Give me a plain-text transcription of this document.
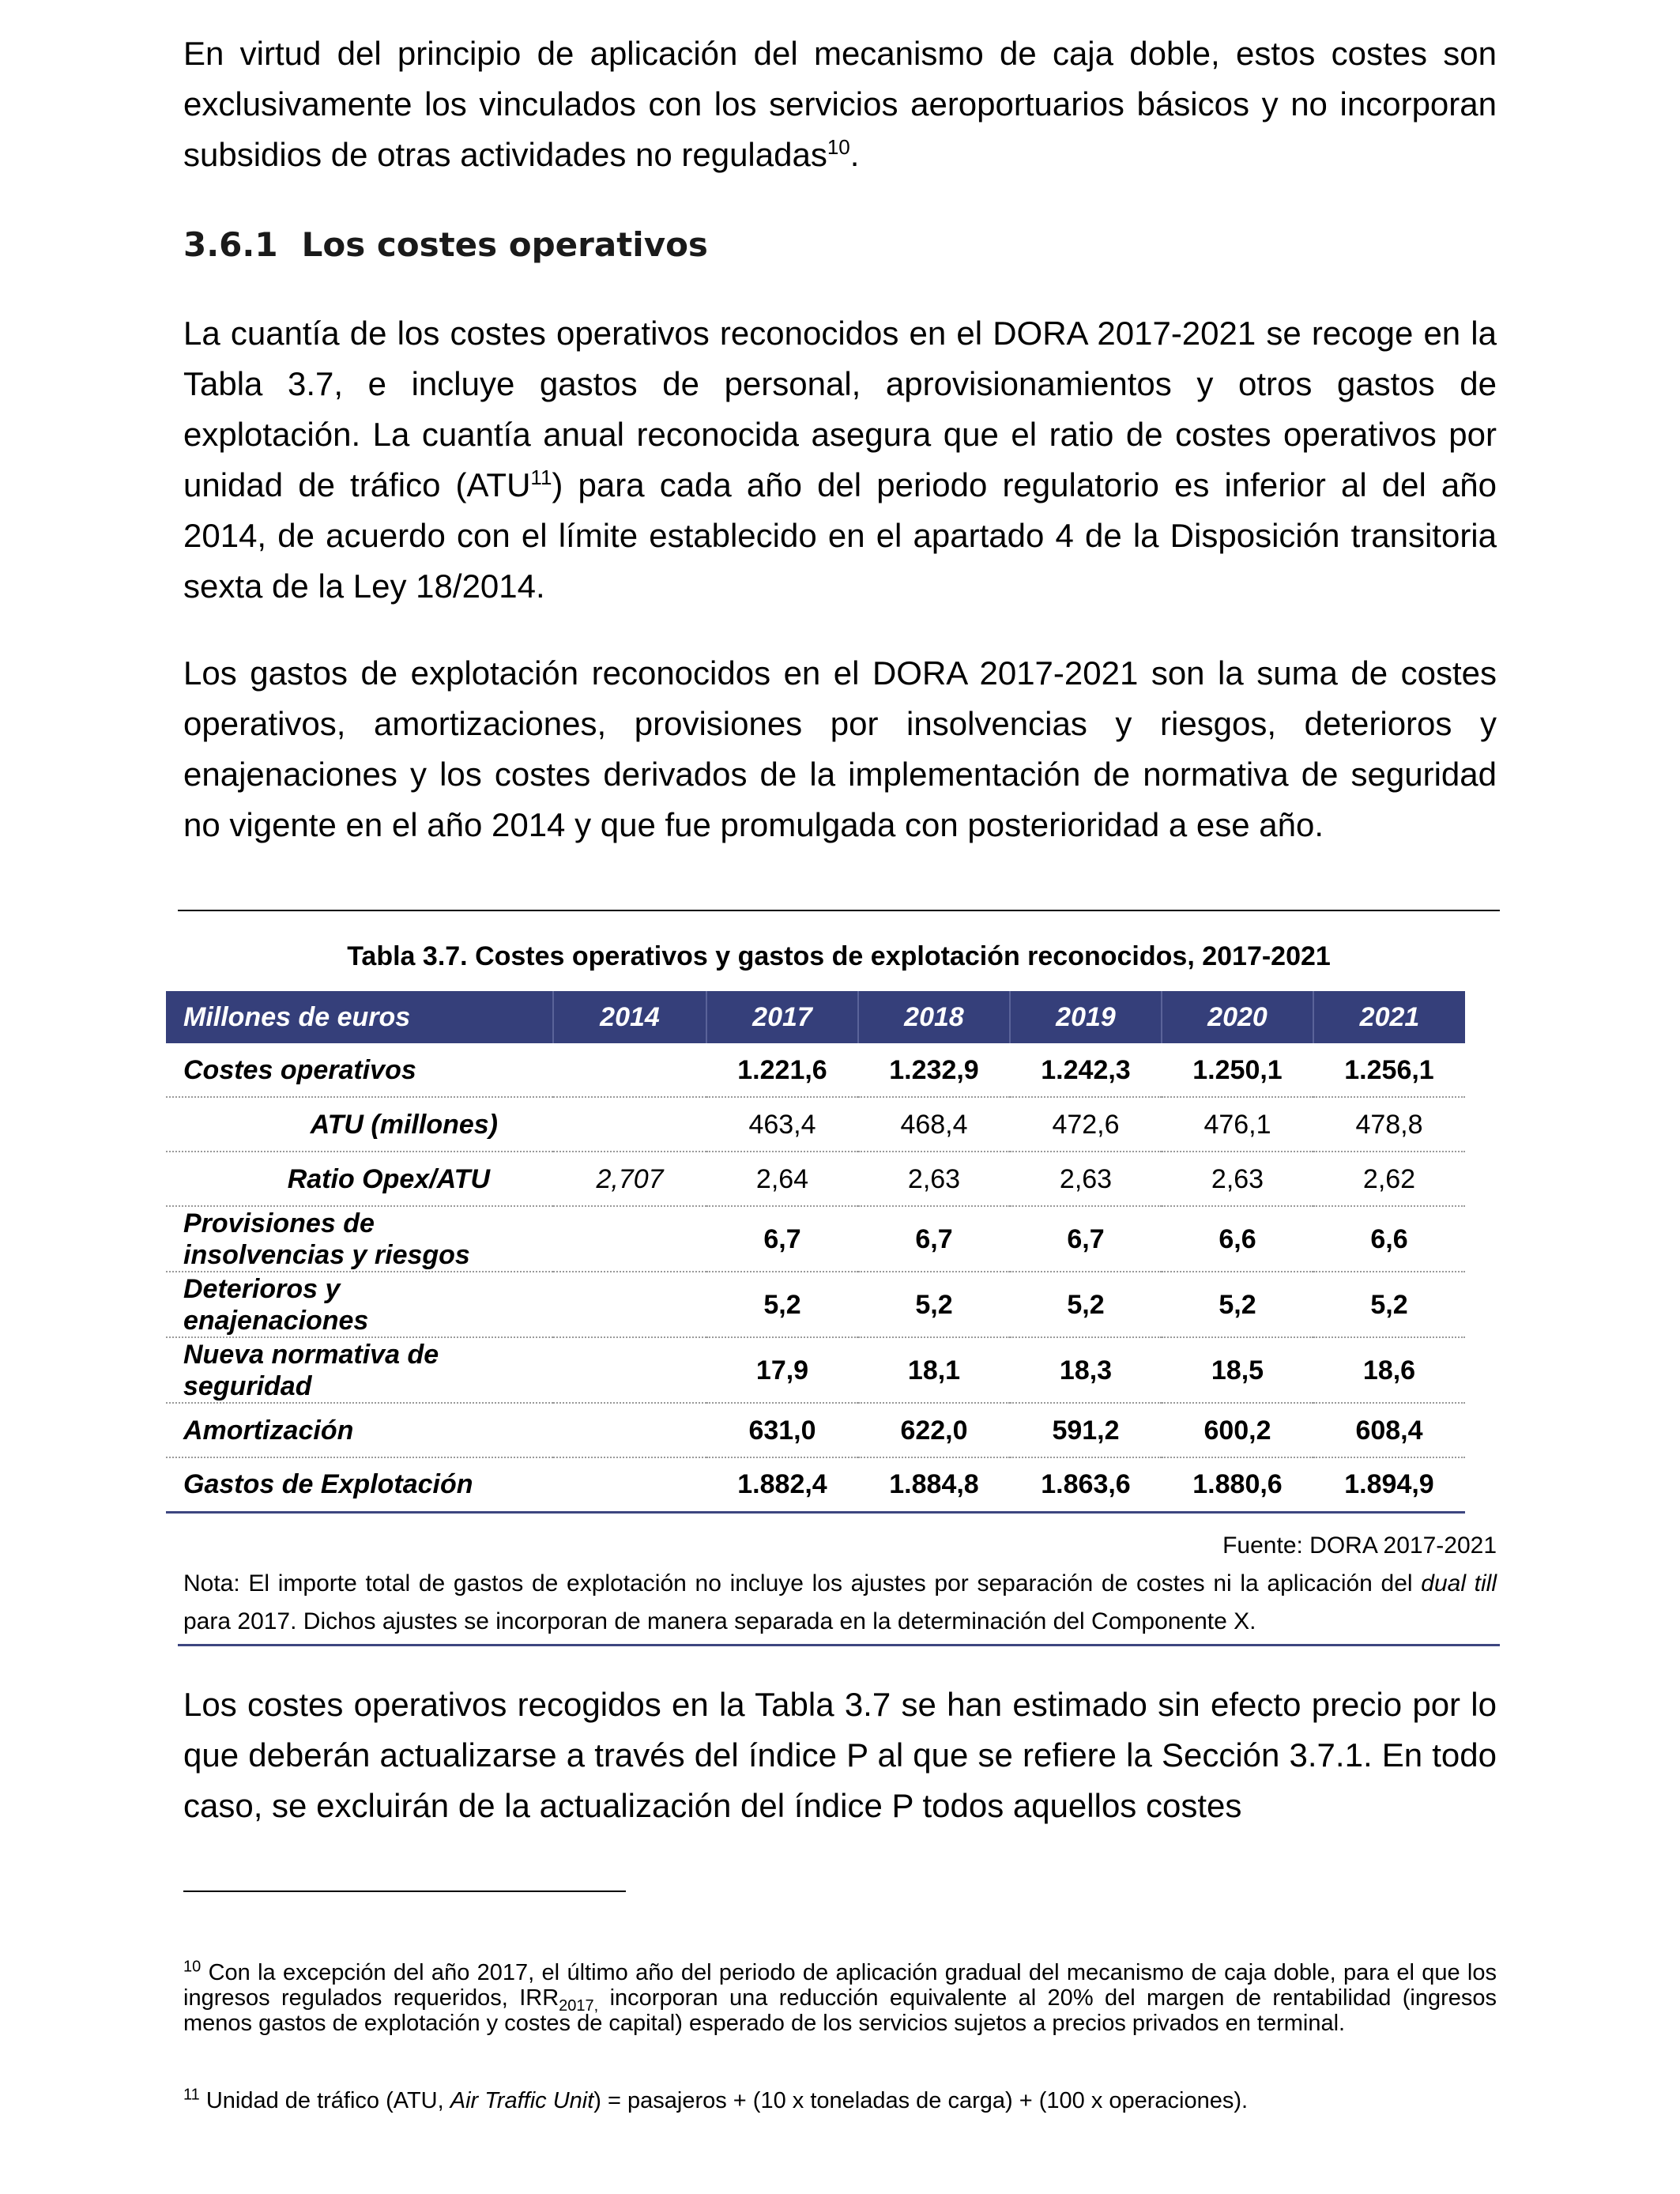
En virtud del principio de aplicación del mecanismo de caja doble, estos costes son exclusivamente los vinculados con los servicios aeroportuarios básicos y no incorporan subsidios de otras actividades no reguladas$^{10}$.

3.6.1 Los costes operativos

La cuantía de los costes operativos reconocidos en el DORA 2017-2021 se recoge en la Tabla 3.7, e incluye gastos de personal, aprovisionamientos y otros gastos de explotación. La cuantía anual reconocida asegura que el ratio de costes operativos por unidad de tráfico (ATU$^{11}$) para cada año del periodo regulatorio es inferior al del año 2014, de acuerdo con el límite establecido en el apartado 4 de la Disposición transitoria sexta de la Ley 18/2014.

Los gastos de explotación reconocidos en el DORA 2017-2021 son la suma de costes operativos, amortizaciones, provisiones por insolvencias y riesgos, deterioros y enajenaciones y los costes derivados de la implementación de normativa de seguridad no vigente en el año 2014 y que fue promulgada con posterioridad a ese año.

Tabla 3.7. Costes operativos y gastos de explotación reconocidos, 2017-2021
Millones de euros	2014	2017	2018	2019	2020	2021
Costes operativos		1.221,6	1.232,9	1.242,3	1.250,1	1.256,1
ATU (millones)		463,4	468,4	472,6	476,1	478,8
Ratio Opex/ATU	2,707	2,64	2,63	2,63	2,63	2,62
Provisiones de insolvencias y riesgos		6,7	6,7	6,7	6,6	6,6
Deterioros y enajenaciones		5,2	5,2	5,2	5,2	5,2
Nueva normativa de seguridad		17,9	18,1	18,3	18,5	18,6
Amortización		631,0	622,0	591,2	600,2	608,4
Gastos de Explotación		1.882,4	1.884,8	1.863,6	1.880,6	1.894,9
Fuente: DORA 2017-2021

Nota: El importe total de gastos de explotación no incluye los ajustes por separación de costes ni la aplicación del dual till para 2017. Dichos ajustes se incorporan de manera separada en la determinación del Componente X.

Los costes operativos recogidos en la Tabla 3.7 se han estimado sin efecto precio por lo que deberán actualizarse a través del índice P al que se refiere la Sección 3.7.1. En todo caso, se excluirán de la actualización del índice P todos aquellos costes

$^{10}$ Con la excepción del año 2017, el último año del periodo de aplicación gradual del mecanismo de caja doble, para el que los ingresos regulados requeridos, $IRR_{2017,}$ incorporan una reducción equivalente al 20% del margen de rentabilidad (ingresos menos gastos de explotación y costes de capital) esperado de los servicios sujetos a precios privados en terminal.

$^{11}$ Unidad de tráfico (ATU, Air Traffic Unit) = pasajeros + (10 x toneladas de carga) + (100 x operaciones).
